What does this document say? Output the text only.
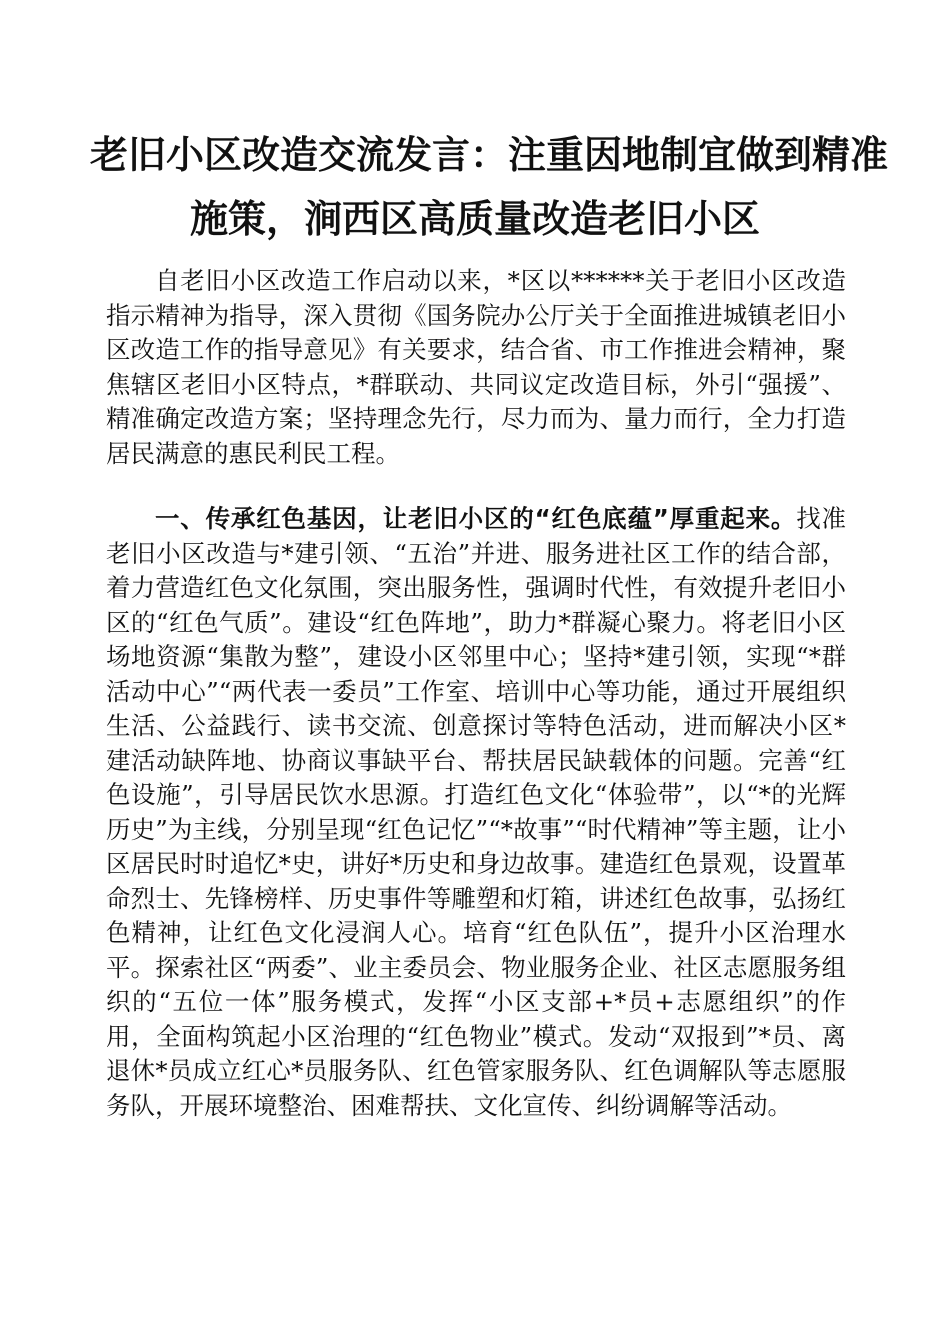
老旧小区改造交流发言：注重因地制宜做到精准
施策，涧西区高质量改造老旧小区

自老旧小区改造工作启动以来，*区以******关于老旧小区改造指示精神为指导，深入贯彻《国务院办公厅关于全面推进城镇老旧小区改造工作的指导意见》有关要求，结合省、市工作推进会精神，聚焦辖区老旧小区特点，*群联动、共同议定改造目标，外引“强援”、精准确定改造方案；坚持理念先行，尽力而为、量力而行，全力打造居民满意的惠民利民工程。

一、传承红色基因，让老旧小区的“红色底蕴”厚重起来。找准老旧小区改造与*建引领、“五治”并进、服务进社区工作的结合部，着力营造红色文化氛围，突出服务性，强调时代性，有效提升老旧小区的“红色气质”。建设“红色阵地”，助力*群凝心聚力。将老旧小区场地资源“集散为整”，建设小区邻里中心；坚持*建引领，实现“*群活动中心”“两代表一委员”工作室、培训中心等功能，通过开展组织生活、公益践行、读书交流、创意探讨等特色活动，进而解决小区*建活动缺阵地、协商议事缺平台、帮扶居民缺载体的问题。完善“红色设施”，引导居民饮水思源。打造红色文化“体验带”，以“*的光辉历史”为主线，分别呈现“红色记忆”“*故事”“时代精神”等主题，让小区居民时时追忆*史，讲好*历史和身边故事。建造红色景观，设置革命烈士、先锋榜样、历史事件等雕塑和灯箱，讲述红色故事，弘扬红色精神，让红色文化浸润人心。培育“红色队伍”，提升小区治理水平。探索社区“两委”、业主委员会、物业服务企业、社区志愿服务组织的“五位一体”服务模式，发挥“小区支部+*员+志愿组织”的作用，全面构筑起小区治理的“红色物业”模式。发动“双报到”*员、离退休*员成立红心*员服务队、红色管家服务队、红色调解队等志愿服务队，开展环境整治、困难帮扶、文化宣传、纠纷调解等活动。
